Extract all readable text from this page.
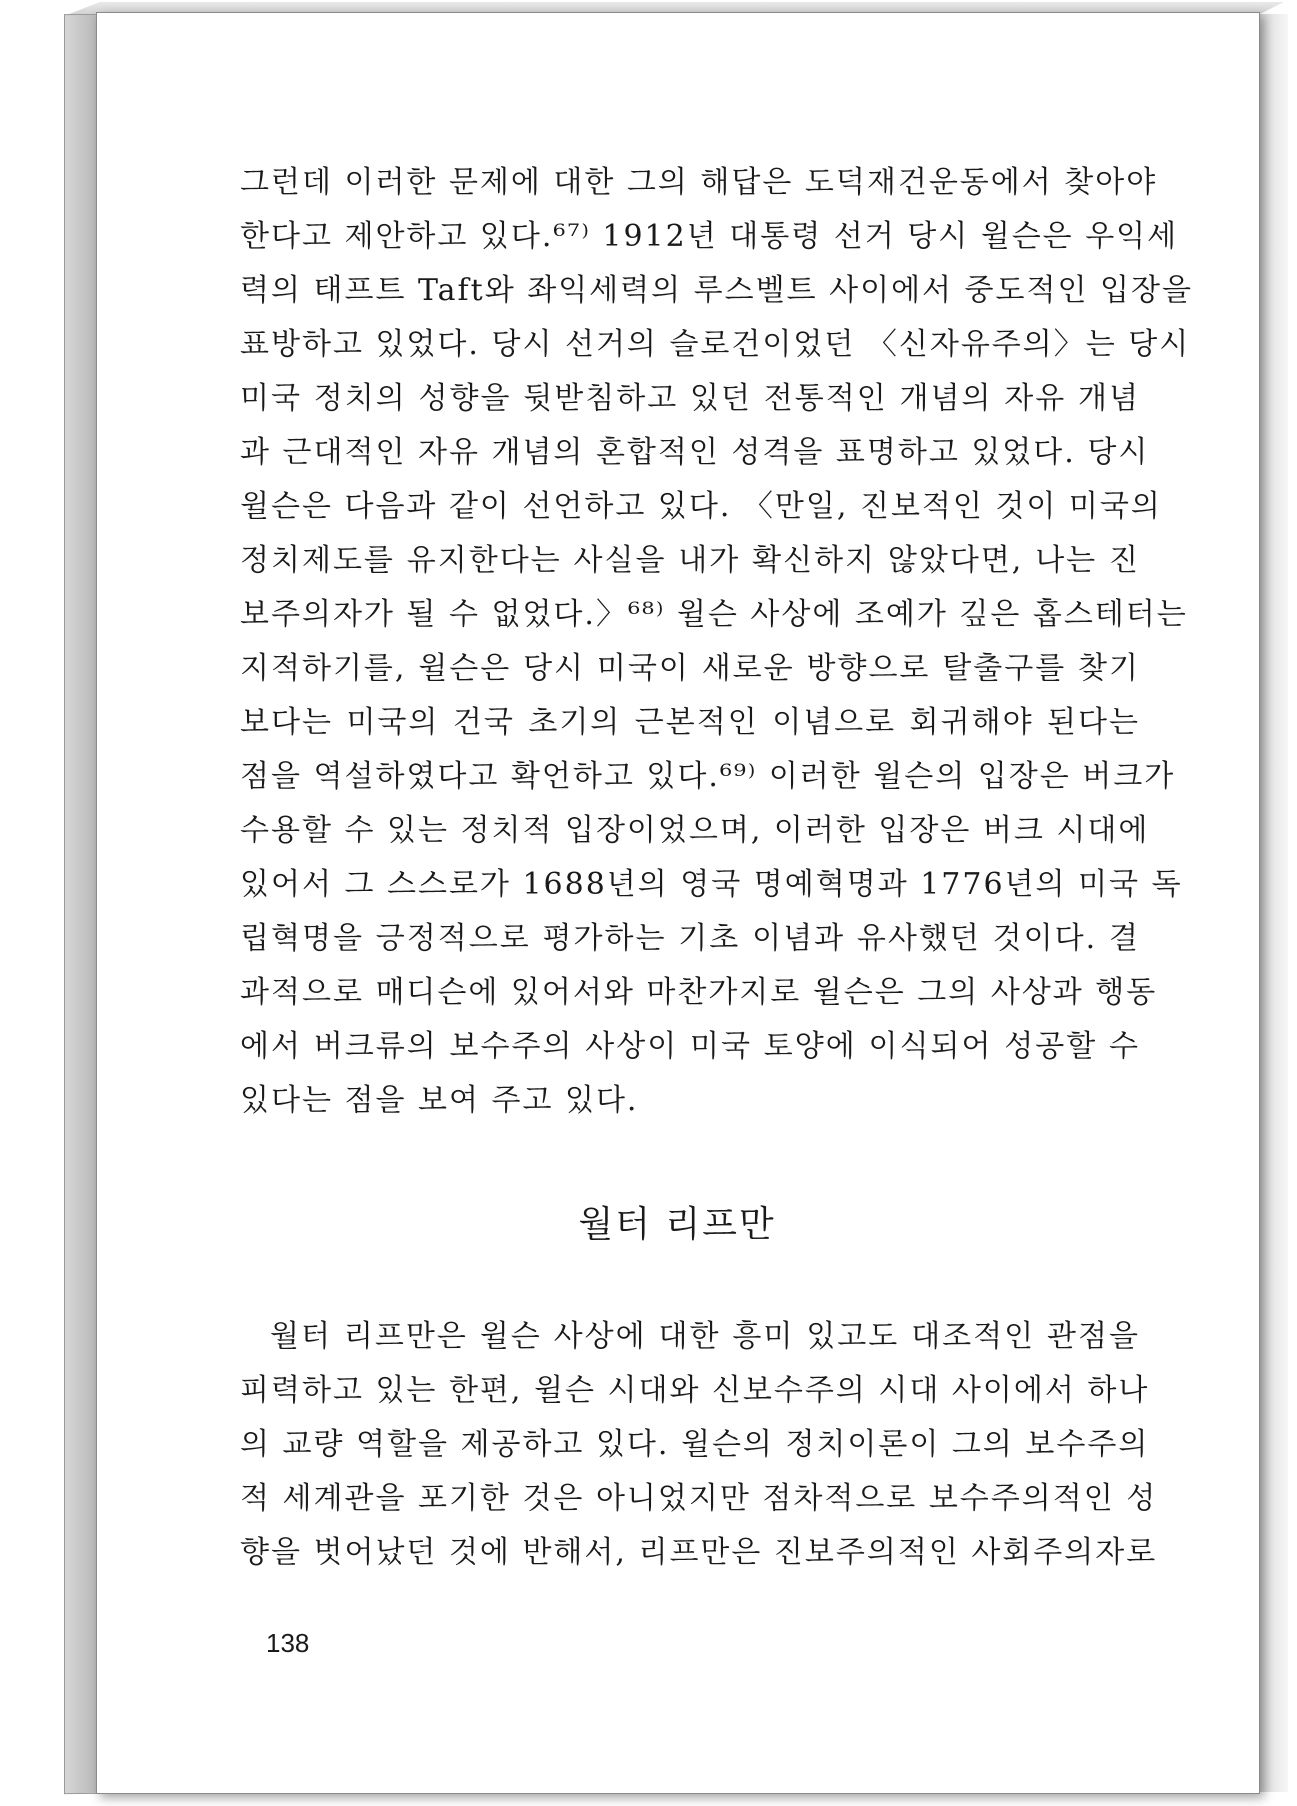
그런데 이러한 문제에 대한 그의 해답은 도덕재건운동에서 찾아야

한다고 제안하고 있다.⁶⁷⁾ 1912년 대통령 선거 당시 윌슨은 우익세

력의 태프트 Taft와 좌익세력의 루스벨트 사이에서 중도적인 입장을

표방하고 있었다. 당시 선거의 슬로건이었던 〈신자유주의〉는 당시

미국 정치의 성향을 뒷받침하고 있던 전통적인 개념의 자유 개념

과 근대적인 자유 개념의 혼합적인 성격을 표명하고 있었다. 당시

윌슨은 다음과 같이 선언하고 있다. 〈만일, 진보적인 것이 미국의

정치제도를 유지한다는 사실을 내가 확신하지 않았다면, 나는 진

보주의자가 될 수 없었다.〉⁶⁸⁾ 윌슨 사상에 조예가 깊은 홉스테터는

지적하기를, 윌슨은 당시 미국이 새로운 방향으로 탈출구를 찾기

보다는 미국의 건국 초기의 근본적인 이념으로 회귀해야 된다는

점을 역설하였다고 확언하고 있다.⁶⁹⁾ 이러한 윌슨의 입장은 버크가

수용할 수 있는 정치적 입장이었으며, 이러한 입장은 버크 시대에

있어서 그 스스로가 1688년의 영국 명예혁명과 1776년의 미국 독

립혁명을 긍정적으로 평가하는 기초 이념과 유사했던 것이다. 결

과적으로 매디슨에 있어서와 마찬가지로 윌슨은 그의 사상과 행동

에서 버크류의 보수주의 사상이 미국 토양에 이식되어 성공할 수

있다는 점을 보여 주고 있다.

월터 리프만

월터 리프만은 윌슨 사상에 대한 흥미 있고도 대조적인 관점을

피력하고 있는 한편, 윌슨 시대와 신보수주의 시대 사이에서 하나

의 교량 역할을 제공하고 있다. 윌슨의 정치이론이 그의 보수주의

적 세계관을 포기한 것은 아니었지만 점차적으로 보수주의적인 성

향을 벗어났던 것에 반해서, 리프만은 진보주의적인 사회주의자로

138
